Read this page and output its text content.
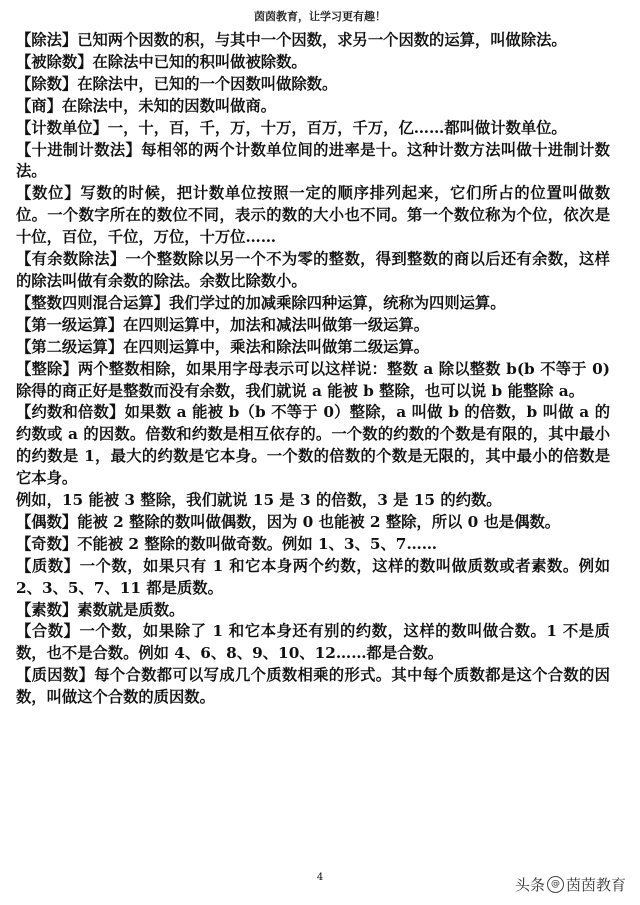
茵茵教育，让学习更有趣！

【除法】已知两个因数的积，与其中一个因数，求另一个因数的运算，叫做除法。

【被除数】在除法中已知的积叫做被除数。

【除数】在除法中，已知的一个因数叫做除数。

【商】在除法中，未知的因数叫做商。

【计数单位】一，十，百，千，万，十万，百万，千万，亿……都叫做计数单位。

【十进制计数法】每相邻的两个计数单位间的进率是十。这种计数方法叫做十进制计数法。

【数位】写数的时候，把计数单位按照一定的顺序排列起来，它们所占的位置叫做数位。一个数字所在的数位不同，表示的数的大小也不同。第一个数位称为个位，依次是十位，百位，千位，万位，十万位……

【有余数除法】一个整数除以另一个不为零的整数，得到整数的商以后还有余数，这样的除法叫做有余数的除法。余数比除数小。

【整数四则混合运算】我们学过的加减乘除四种运算，统称为四则运算。

【第一级运算】在四则运算中，加法和减法叫做第一级运算。

【第二级运算】在四则运算中，乘法和除法叫做第二级运算。

【整除】两个整数相除，如果用字母表示可以这样说：整数 a 除以整数 b(b 不等于 0)除得的商正好是整数而没有余数，我们就说 a 能被 b 整除，也可以说 b 能整除 a。

【约数和倍数】如果数 a 能被 b（b 不等于 0）整除，a 叫做 b 的倍数，b 叫做 a 的约数或 a 的因数。倍数和约数是相互依存的。一个数的约数的个数是有限的，其中最小的约数是 1，最大的约数是它本身。一个数的倍数的个数是无限的，其中最小的倍数是它本身。

例如，15 能被 3 整除，我们就说 15 是 3 的倍数，3 是 15 的约数。

【偶数】能被 2 整除的数叫做偶数，因为 0 也能被 2 整除，所以 0 也是偶数。

【奇数】不能被 2 整除的数叫做奇数。例如 1、3、5、7……

【质数】一个数，如果只有 1 和它本身两个约数，这样的数叫做质数或者素数。例如 2、3、5、7、11 都是质数。

【素数】素数就是质数。

【合数】一个数，如果除了 1 和它本身还有别的约数，这样的数叫做合数。1 不是质数，也不是合数。例如 4、6、8、9、10、12……都是合数。

【质因数】每个合数都可以写成几个质数相乘的形式。其中每个质数都是这个合数的因数，叫做这个合数的质因数。

4	头条 @ 茵茵教育
